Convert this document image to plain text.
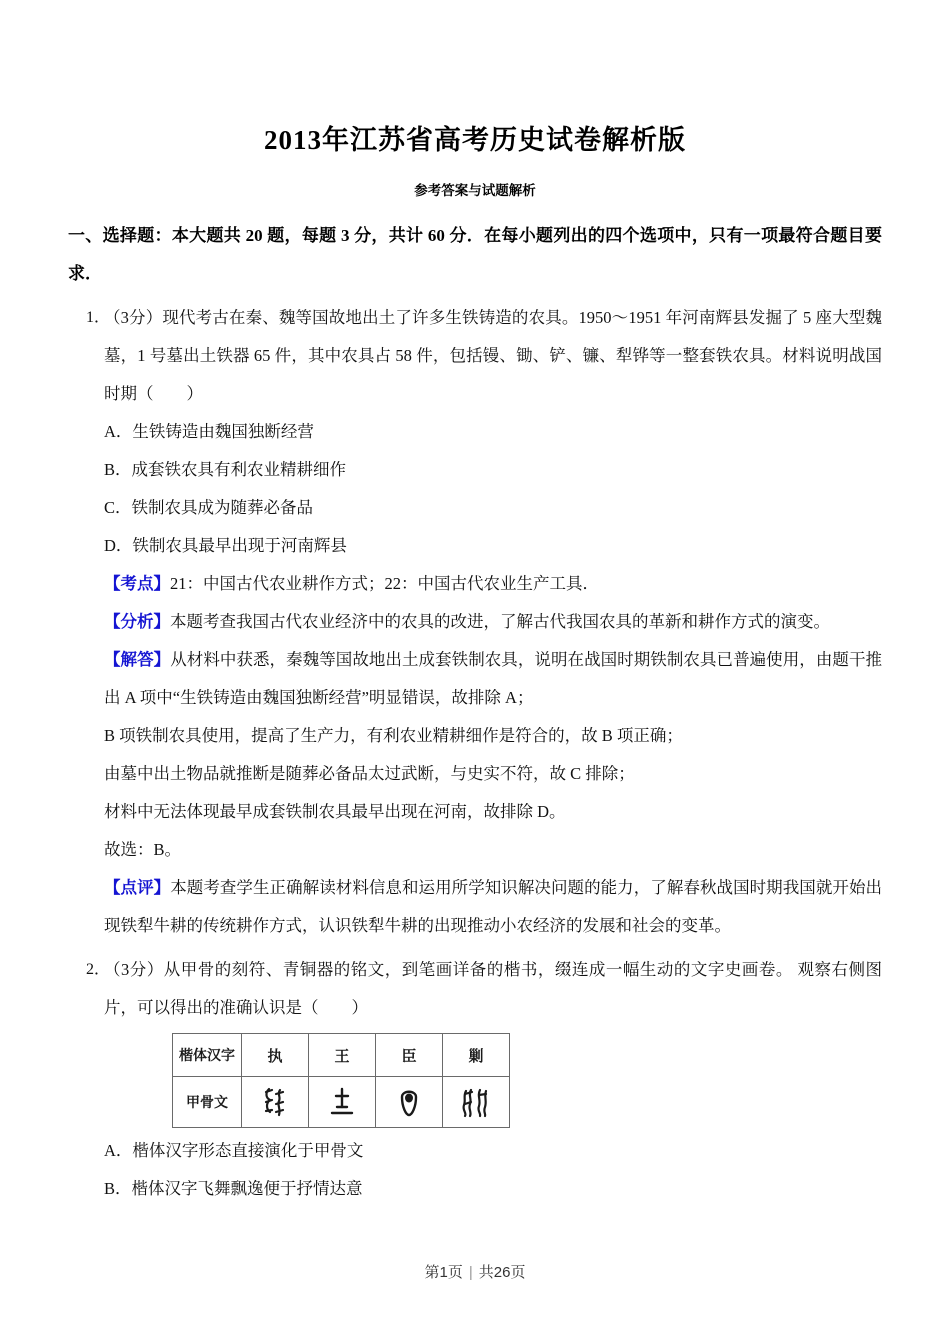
2013年江苏省高考历史试卷解析版
参考答案与试题解析
一、选择题：本大题共 20 题，每题 3 分，共计 60 分．在每小题列出的四个选项中，只有一项最符合题目要求．
1．
（3分）现代考古在秦、魏等国故地出土了许多生铁铸造的农具。1950～1951 年河南辉县发掘了 5 座大型魏墓，1 号墓出土铁器 65 件，其中农具占 58 件，包括镘、锄、铲、镰、犁铧等一整套铁农具。材料说明战国时期（　　）
A．生铁铸造由魏国独断经营
B．成套铁农具有利农业精耕细作
C．铁制农具成为随葬必备品
D．铁制农具最早出现于河南辉县
【考点】21：中国古代农业耕作方式；22：中国古代农业生产工具．
【分析】本题考查我国古代农业经济中的农具的改进，了解古代我国农具的革新和耕作方式的演变。
【解答】从材料中获悉，秦魏等国故地出土成套铁制农具，说明在战国时期铁制农具已普遍使用，由题干推出 A 项中“生铁铸造由魏国独断经营”明显错误，故排除 A；
B 项铁制农具使用，提高了生产力，有利农业精耕细作是符合的，故 B 项正确；
由墓中出土物品就推断是随葬必备品太过武断，与史实不符，故 C 排除；
材料中无法体现最早成套铁制农具最早出现在河南，故排除 D。
故选：B。
【点评】本题考查学生正确解读材料信息和运用所学知识解决问题的能力，了解春秋战国时期我国就开始出现铁犁牛耕的传统耕作方式，认识铁犁牛耕的出现推动小农经济的发展和社会的变革。
2．
（3分）从甲骨的刻符、青铜器的铭文，到笔画详备的楷书，缀连成一幅生动的文字史画卷。 观察右侧图片，可以得出的准确认识是（　　）
楷体汉字	执	王	臣	剿
甲骨文	

A．楷体汉字形态直接演化于甲骨文
B．楷体汉字飞舞飘逸便于抒情达意
第1页 | 共26页
